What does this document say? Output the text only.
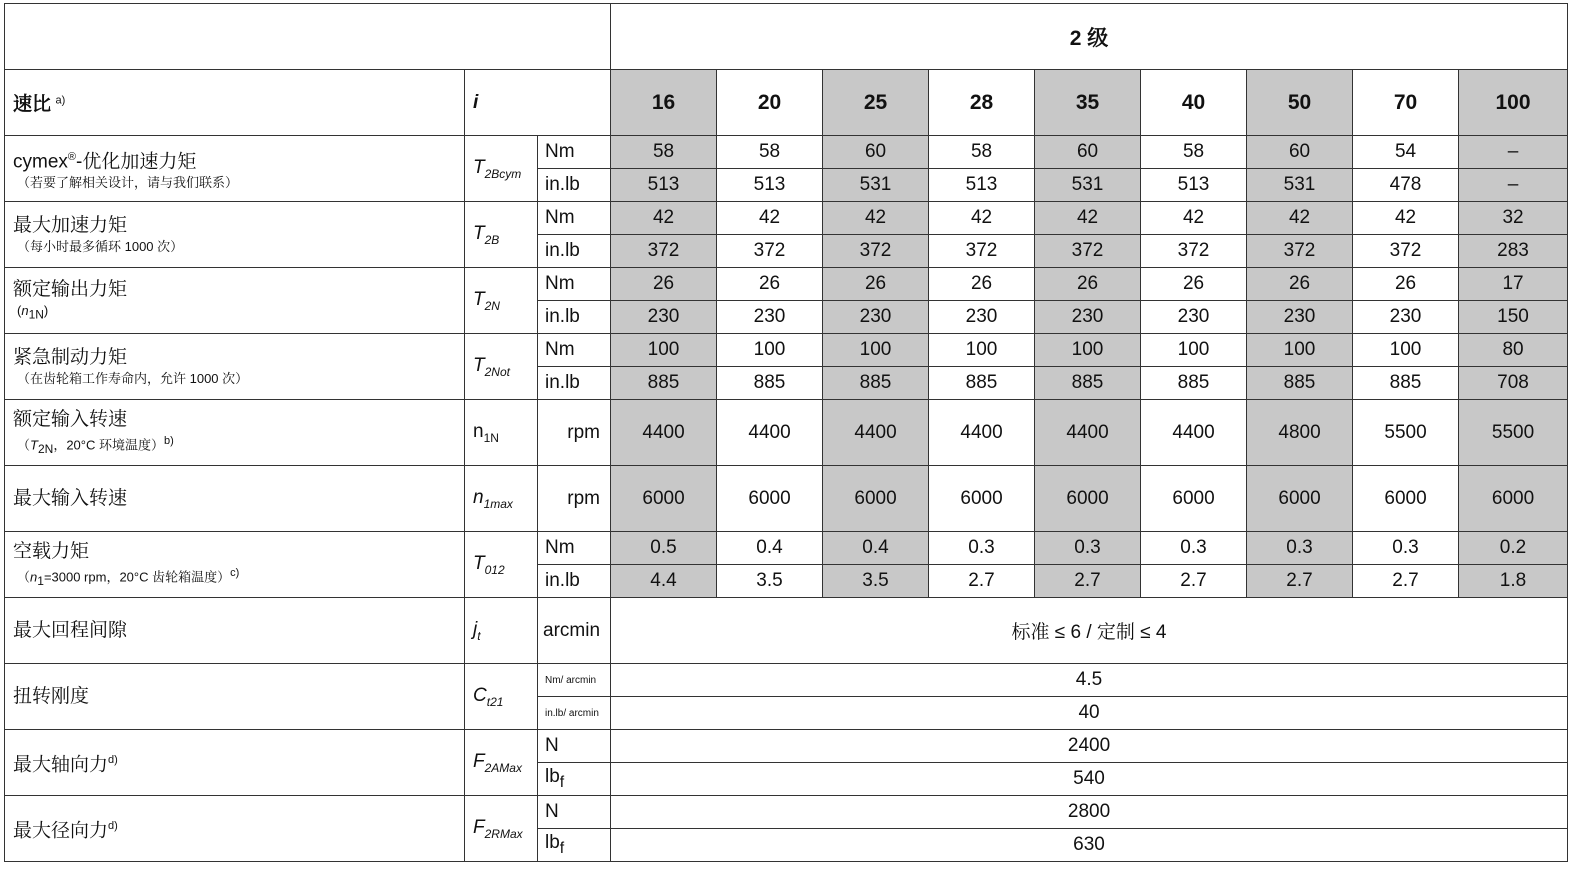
			2 级								
速比 $^{a)}$	i		16	20	25	28	35	40	50	70	100

cymex®-优化加速力矩
（若要了解相关设计，请与我们联系）	$T_{2Bcym}$	Nm	58	58	60	58	60	58	60	54	–
		in.lb	513	513	531	513	531	513	531	478	–

最大加速力矩
（每小时最多循环 1000 次）	$T_{2B}$	Nm	42	42	42	42	42	42	42	42	32
		in.lb	372	372	372	372	372	372	372	372	283

额定输出力矩
$(n_{1N})$	$T_{2N}$	Nm	26	26	26	26	26	26	26	26	17
		in.lb	230	230	230	230	230	230	230	230	150

紧急制动力矩
（在齿轮箱工作寿命内，允许 1000 次）	$T_{2Not}$	Nm	100	100	100	100	100	100	100	100	80
		in.lb	885	885	885	885	885	885	885	885	708

额定输入转速
（$T_{2N}$，20°C 环境温度）$^{b)}$	$n_{1N}$	rpm	4400	4400	4400	4400	4400	4400	4800	5500	5500

最大输入转速	$n_{1max}$	rpm	6000	6000	6000	6000	6000	6000	6000	6000	6000

空载力矩
（$n_1=3000$ rpm，20°C 齿轮箱温度）$^{c)}$	$T_{012}$	Nm	0.5	0.4	0.4	0.3	0.3	0.3	0.3	0.3	0.2
		in.lb	4.4	3.5	3.5	2.7	2.7	2.7	2.7	2.7	1.8

最大回程间隙	$j_t$	arcmin	标准 ≤ 6 / 定制 ≤ 4								

扭转刚度	$C_{t21}$	Nm/ arcmin	4.5								
		in.lb/ arcmin	40								

最大轴向力$^{d)}$	$F_{2AMax}$	N	2400								
		$lb_f$	540								

最大径向力$^{d)}$	$F_{2RMax}$	N	2800								
		$lb_f$	630								
